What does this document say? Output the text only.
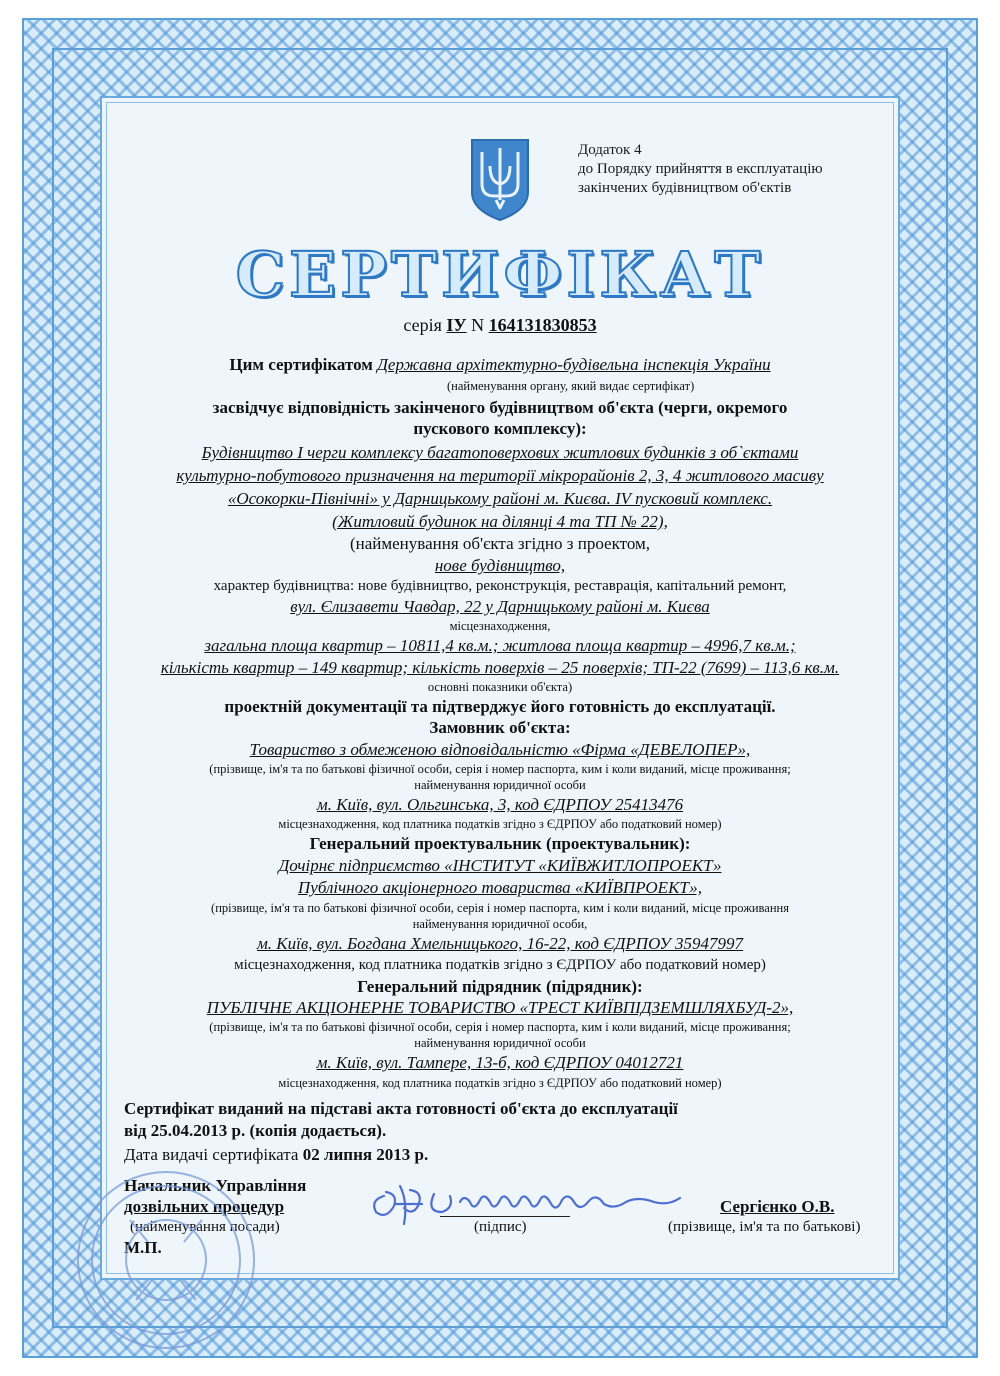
Додаток 4
до Порядку прийняття в експлуатацію
закінчених будівництвом об'єктів
СЕРТИФІКАТ
серія ІУ N 164131830853
Цим сертифікатом Державна архітектурно-будівельна інспекція України
(найменування органу, який видає сертифікат)
засвідчує відповідність закінченого будівництвом об'єкта (черги, окремого
пускового комплексу):
Будівництво І черги комплексу багатоповерхових житлових будинків з об`єктами
культурно-побутового призначення на території мікрорайонів 2, 3, 4 житлового масиву
«Осокорки-Північні» у Дарницькому районі м. Києва. IV пусковий комплекс.
(Житловий будинок на ділянці 4 та ТП № 22),
(найменування об'єкта згідно з проектом,
нове будівництво,
характер будівництва: нове будівництво, реконструкція, реставрація, капітальний ремонт,
вул. Єлизавети Чавдар, 22 у Дарницькому районі м. Києва
місцезнаходження,
загальна площа квартир – 10811,4 кв.м.; житлова площа квартир – 4996,7 кв.м.;
кількість квартир – 149 квартир; кількість поверхів – 25 поверхів; ТП-22 (7699) – 113,6 кв.м.
основні показники об'єкта)
проектній документації та підтверджує його готовність до експлуатації.
Замовник об'єкта:
Товариство з обмеженою відповідальністю «Фірма «ДЕВЕЛОПЕР»,
(прізвище, ім'я та по батькові фізичної особи, серія і номер паспорта, ким і коли виданий, місце проживання;
найменування юридичної особи
м. Київ, вул. Ольгинська, 3, код ЄДРПОУ 25413476
місцезнаходження, код платника податків згідно з ЄДРПОУ або податковий номер)
Генеральний проектувальник (проектувальник):
Дочірнє підприємство «ІНСТИТУТ «КИЇВЖИТЛОПРОЕКТ»
Публічного акціонерного товариства «КИЇВПРОЕКТ»,
(прізвище, ім'я та по батькові фізичної особи, серія і номер паспорта, ким і коли виданий, місце проживання
найменування юридичної особи,
м. Київ, вул. Богдана Хмельницького, 16-22, код ЄДРПОУ 35947997
місцезнаходження, код платника податків згідно з ЄДРПОУ або податковий номер)
Генеральний підрядник (підрядник):
ПУБЛІЧНЕ АКЦІОНЕРНЕ ТОВАРИСТВО «ТРЕСТ КИЇВПІДЗЕМШЛЯХБУД-2»,
(прізвище, ім'я та по батькові фізичної особи, серія і номер паспорта, ким і коли виданий, місце проживання;
найменування юридичної особи
м. Київ, вул. Тампере, 13-б, код ЄДРПОУ 04012721
місцезнаходження, код платника податків згідно з ЄДРПОУ або податковий номер)
Сертифікат виданий на підставі акта готовності об'єкта до експлуатації
від 25.04.2013 р. (копія додається).
Дата видачі сертифіката 02 липня 2013 р.
Начальник Управління
дозвільних процедур
(найменування посади)
М.П.
(підпис)
Сергієнко О.В.
(прізвище, ім'я та по батькові)
